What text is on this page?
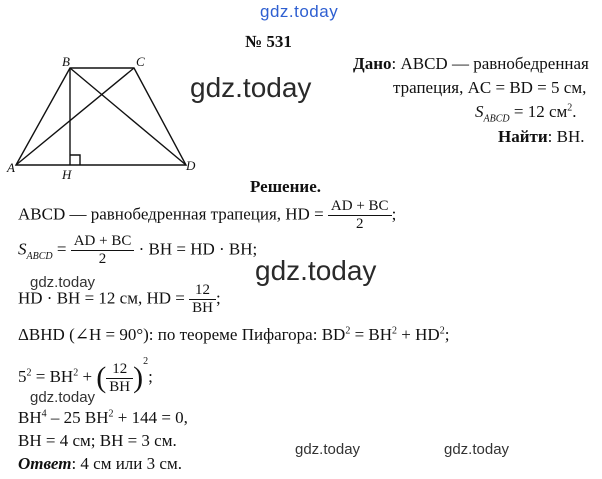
gdz.today
gdz.today
gdz.today
gdz.today
gdz.today
gdz.today	gdz.today
№ 531
B	C
A	D
H
Дано: ABCD — равнобедренная
трапеция, AC = BD = 5 см,
$S_{ABCD} = 12$ $см^2$.
Найти: BH.
Решение.
ABCD — равнобедренная трапеция, HD = $\frac{AD + BC}{2}$ ;
$S_{ABCD} = \frac{AD + BC}{2}$ · BH = HD · BH;
HD · BH = 12 см, HD = $\frac{12}{BH}$ ;
ΔBHD (∠H = 90°): по теореме Пифагора: $BD^2 = BH^2 + HD^2$;
$5^2 = BH^2$ + ( $\frac{12}{BH} )^2$;
$BH^4 - 25$ $BH^2 + 144 = 0$,
BH = 4 см; BH = 3 см.
Ответ: 4 см или 3 см.
